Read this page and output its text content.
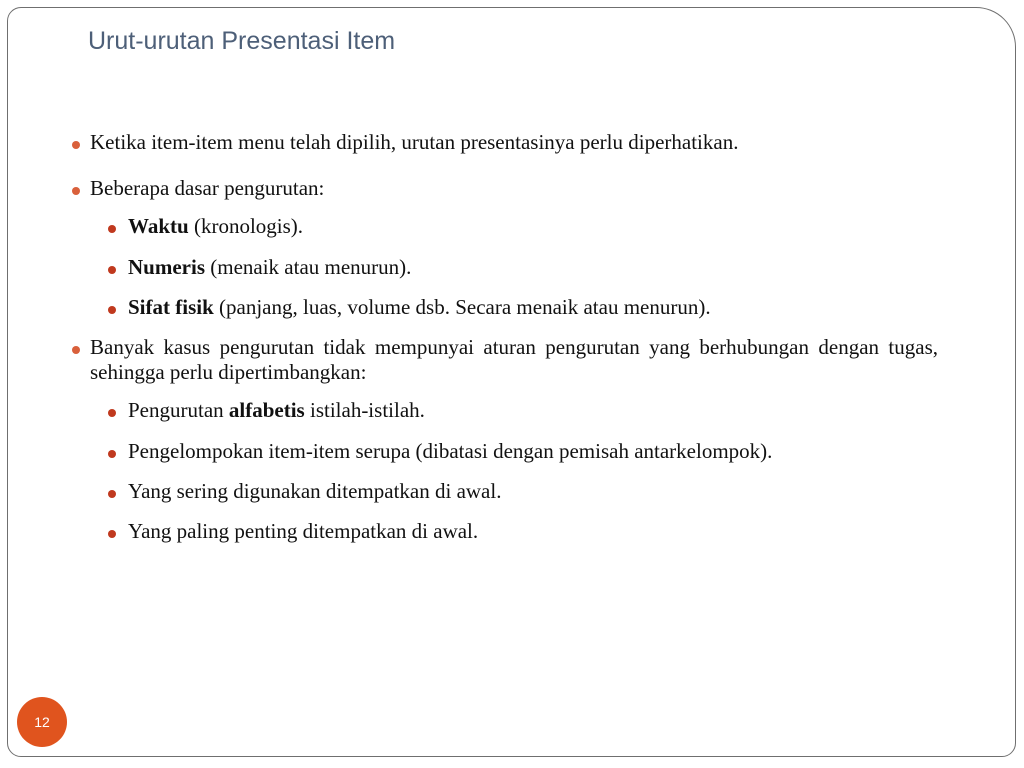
Urut-urutan Presentasi Item
Ketika item-item menu telah dipilih, urutan presentasinya perlu diperhatikan.
Beberapa dasar pengurutan:
Waktu (kronologis).
Numeris (menaik atau menurun).
Sifat fisik (panjang, luas, volume dsb. Secara menaik atau menurun).
Banyak kasus pengurutan tidak mempunyai aturan pengurutan yang berhubungan dengan tugas, sehingga perlu dipertimbangkan:
Pengurutan alfabetis istilah-istilah.
Pengelompokan item-item serupa (dibatasi dengan pemisah antarkelompok).
Yang sering digunakan ditempatkan di awal.
Yang paling penting ditempatkan di awal.
12
